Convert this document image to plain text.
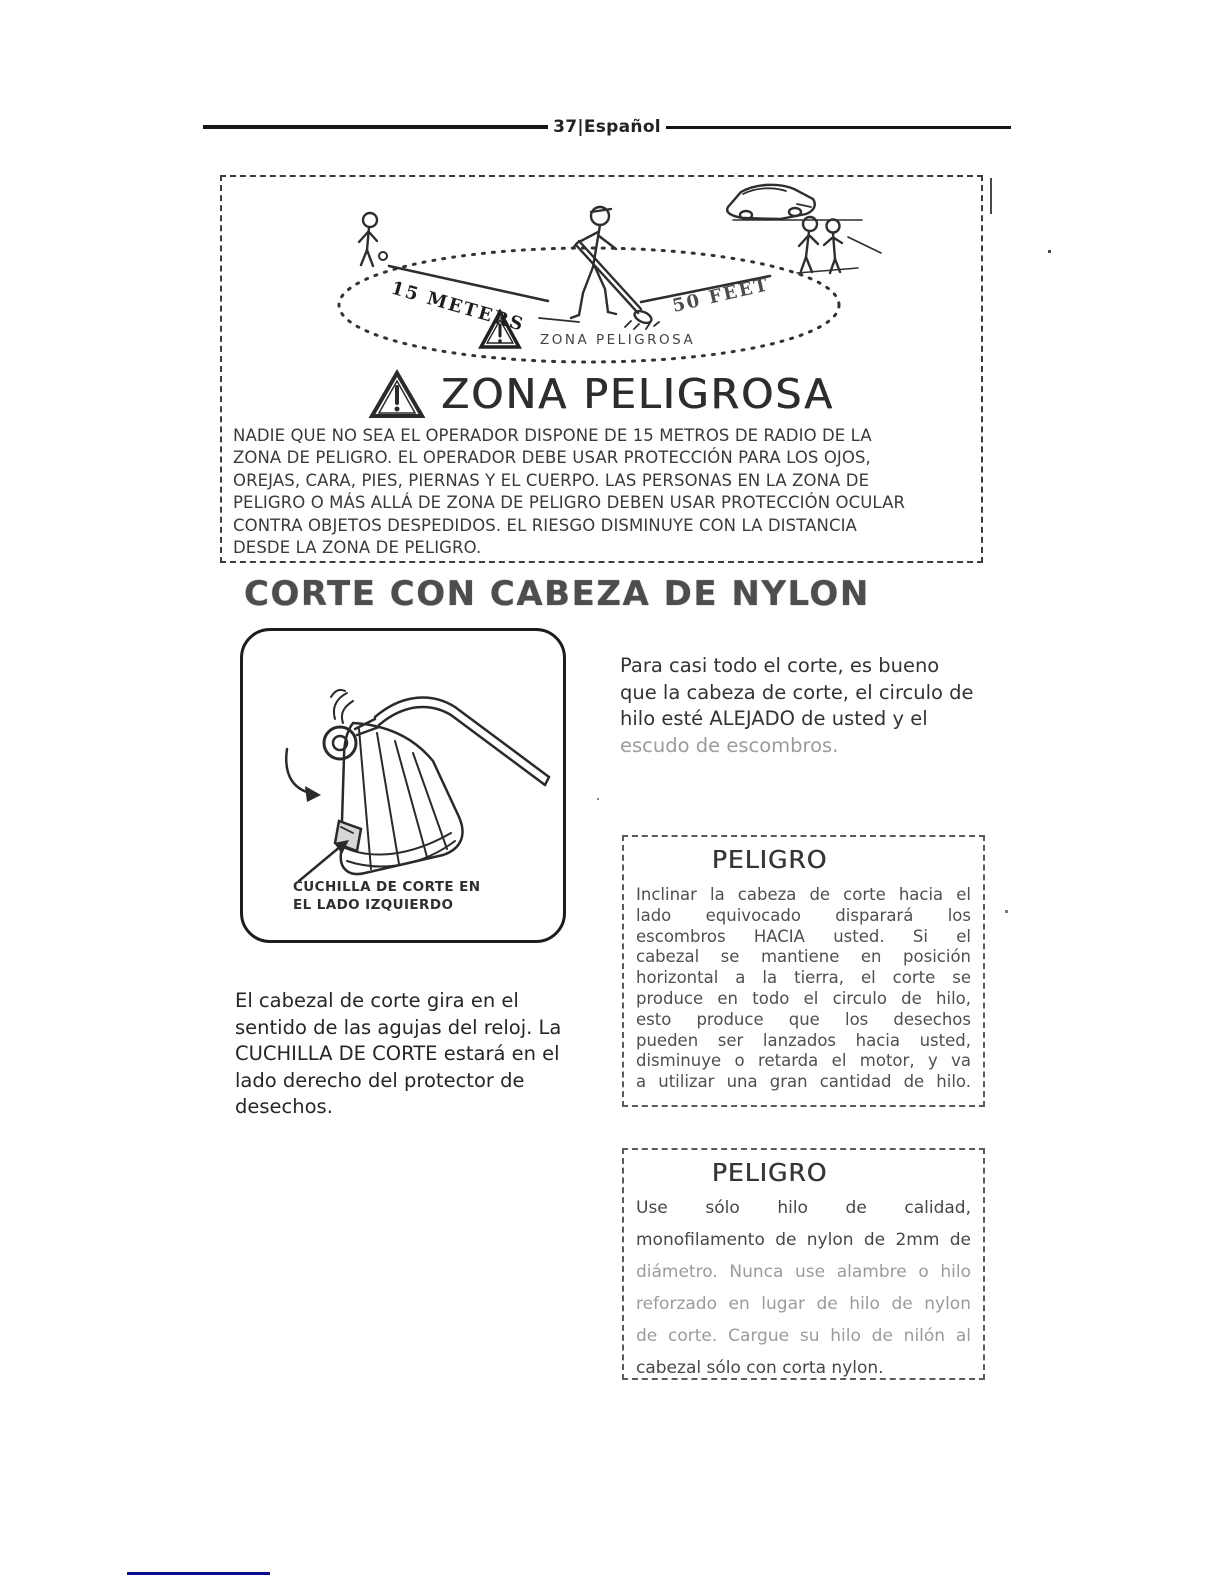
37|Español
15 METERS	50 FEET
ZONA PELIGROSA
ZONA PELIGROSA
NADIE QUE NO SEA EL OPERADOR DISPONE DE 15 METROS DE RADIO DE LA
ZONA DE PELIGRO. EL OPERADOR DEBE USAR PROTECCIÓN PARA LOS OJOS,
OREJAS, CARA, PIES, PIERNAS Y EL CUERPO. LAS PERSONAS EN LA ZONA DE
PELIGRO O MÁS ALLÁ DE ZONA DE PELIGRO DEBEN USAR PROTECCIÓN OCULAR
CONTRA OBJETOS DESPEDIDOS. EL RIESGO DISMINUYE CON LA DISTANCIA
DESDE LA ZONA DE PELIGRO.
CORTE CON CABEZA DE NYLON
CUCHILLA DE CORTE EN
EL LADO IZQUIERDO
Para casi todo el corte, es bueno
que la cabeza de corte, el circulo de
hilo esté ALEJADO de usted y el
escudo de escombros.
PELIGRO
Inclinar la cabeza de corte hacia el
lado equivocado disparará los
escombros HACIA usted. Si el
cabezal se mantiene en posición
horizontal a la tierra, el corte se
produce en todo el circulo de hilo,
esto produce que los desechos
pueden ser lanzados hacia usted,
disminuye o retarda el motor, y va
a utilizar una gran cantidad de hilo.
El cabezal de corte gira en el
sentido de las agujas del reloj. La
CUCHILLA DE CORTE estará en el
lado derecho del protector de
desechos.
PELIGRO
Use sólo hilo de calidad,
monofilamento de nylon de 2mm de
diámetro. Nunca use alambre o hilo
reforzado en lugar de hilo de nylon
de corte. Cargue su hilo de nilón al
cabezal sólo con corta nylon.
